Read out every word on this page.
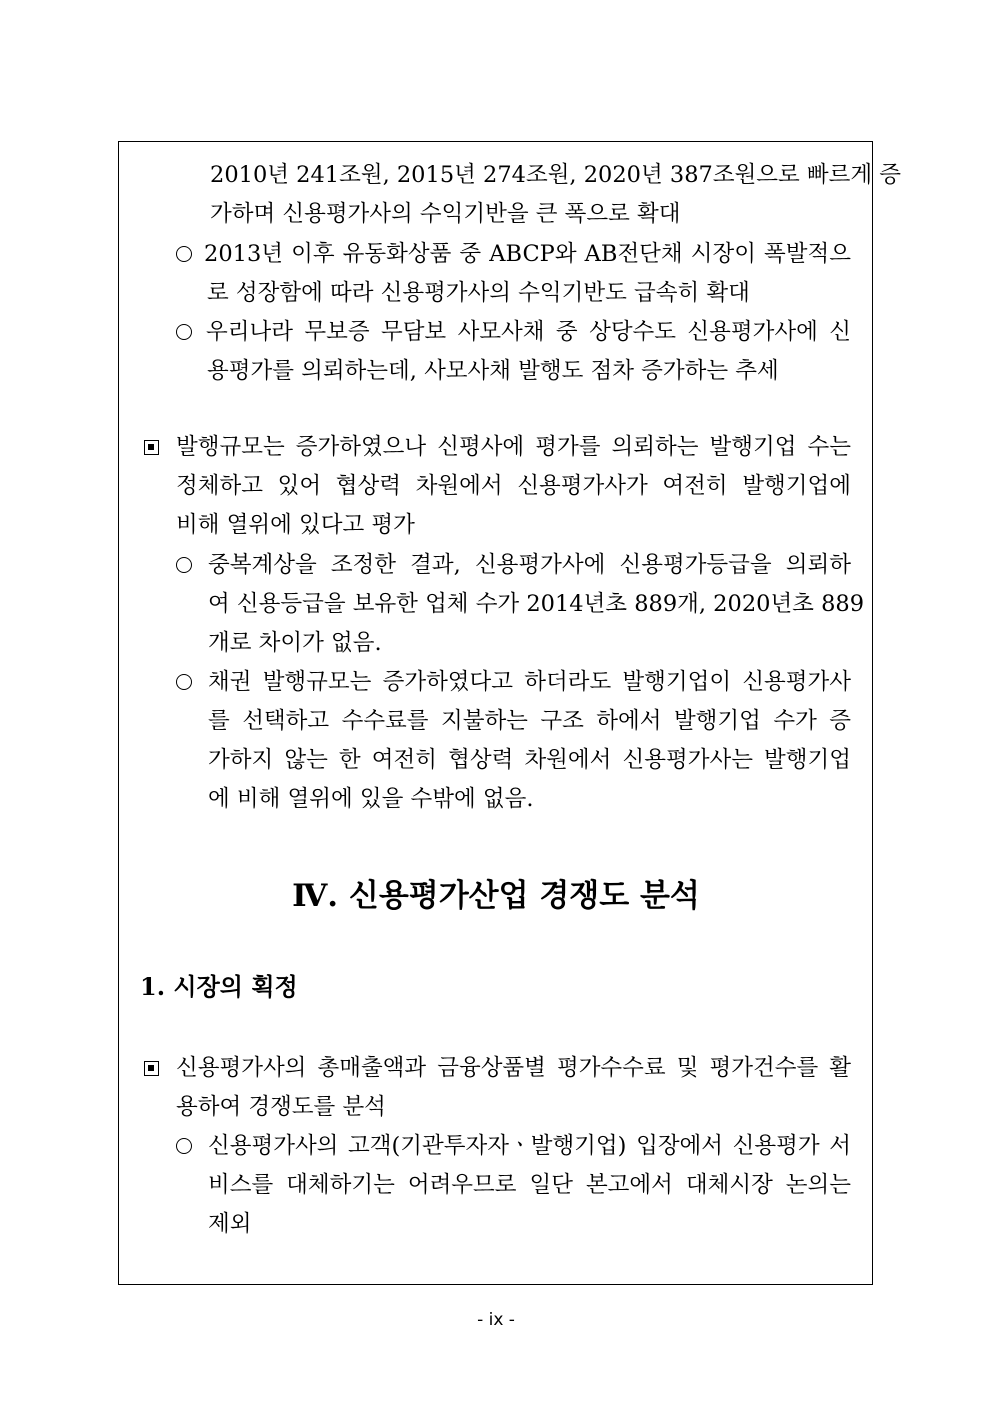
2010년 241조원, 2015년 274조원, 2020년 387조원으로 빠르게 증
가하며 신용평가사의 수익기반을 큰 폭으로 확대
2013년 이후 유동화상품 중 ABCP와 AB전단채 시장이 폭발적으
로 성장함에 따라 신용평가사의 수익기반도 급속히 확대
우리나라 무보증 무담보 사모사채 중 상당수도 신용평가사에 신
용평가를 의뢰하는데, 사모사채 발행도 점차 증가하는 추세
발행규모는 증가하였으나 신평사에 평가를 의뢰하는 발행기업 수는
정체하고 있어 협상력 차원에서 신용평가사가 여전히 발행기업에
비해 열위에 있다고 평가
중복계상을 조정한 결과, 신용평가사에 신용평가등급을 의뢰하
여 신용등급을 보유한 업체 수가 2014년초 889개, 2020년초 889
개로 차이가 없음.
채권 발행규모는 증가하였다고 하더라도 발행기업이 신용평가사
를 선택하고 수수료를 지불하는 구조 하에서 발행기업 수가 증
가하지 않는 한 여전히 협상력 차원에서 신용평가사는 발행기업
에 비해 열위에 있을 수밖에 없음.
Ⅳ. 신용평가산업 경쟁도 분석
1. 시장의 획정
신용평가사의 총매출액과 금융상품별 평가수수료 및 평가건수를 활
용하여 경쟁도를 분석
신용평가사의 고객(기관투자자ㆍ발행기업) 입장에서 신용평가 서
비스를 대체하기는 어려우므로 일단 본고에서 대체시장 논의는
제외
- ix -
